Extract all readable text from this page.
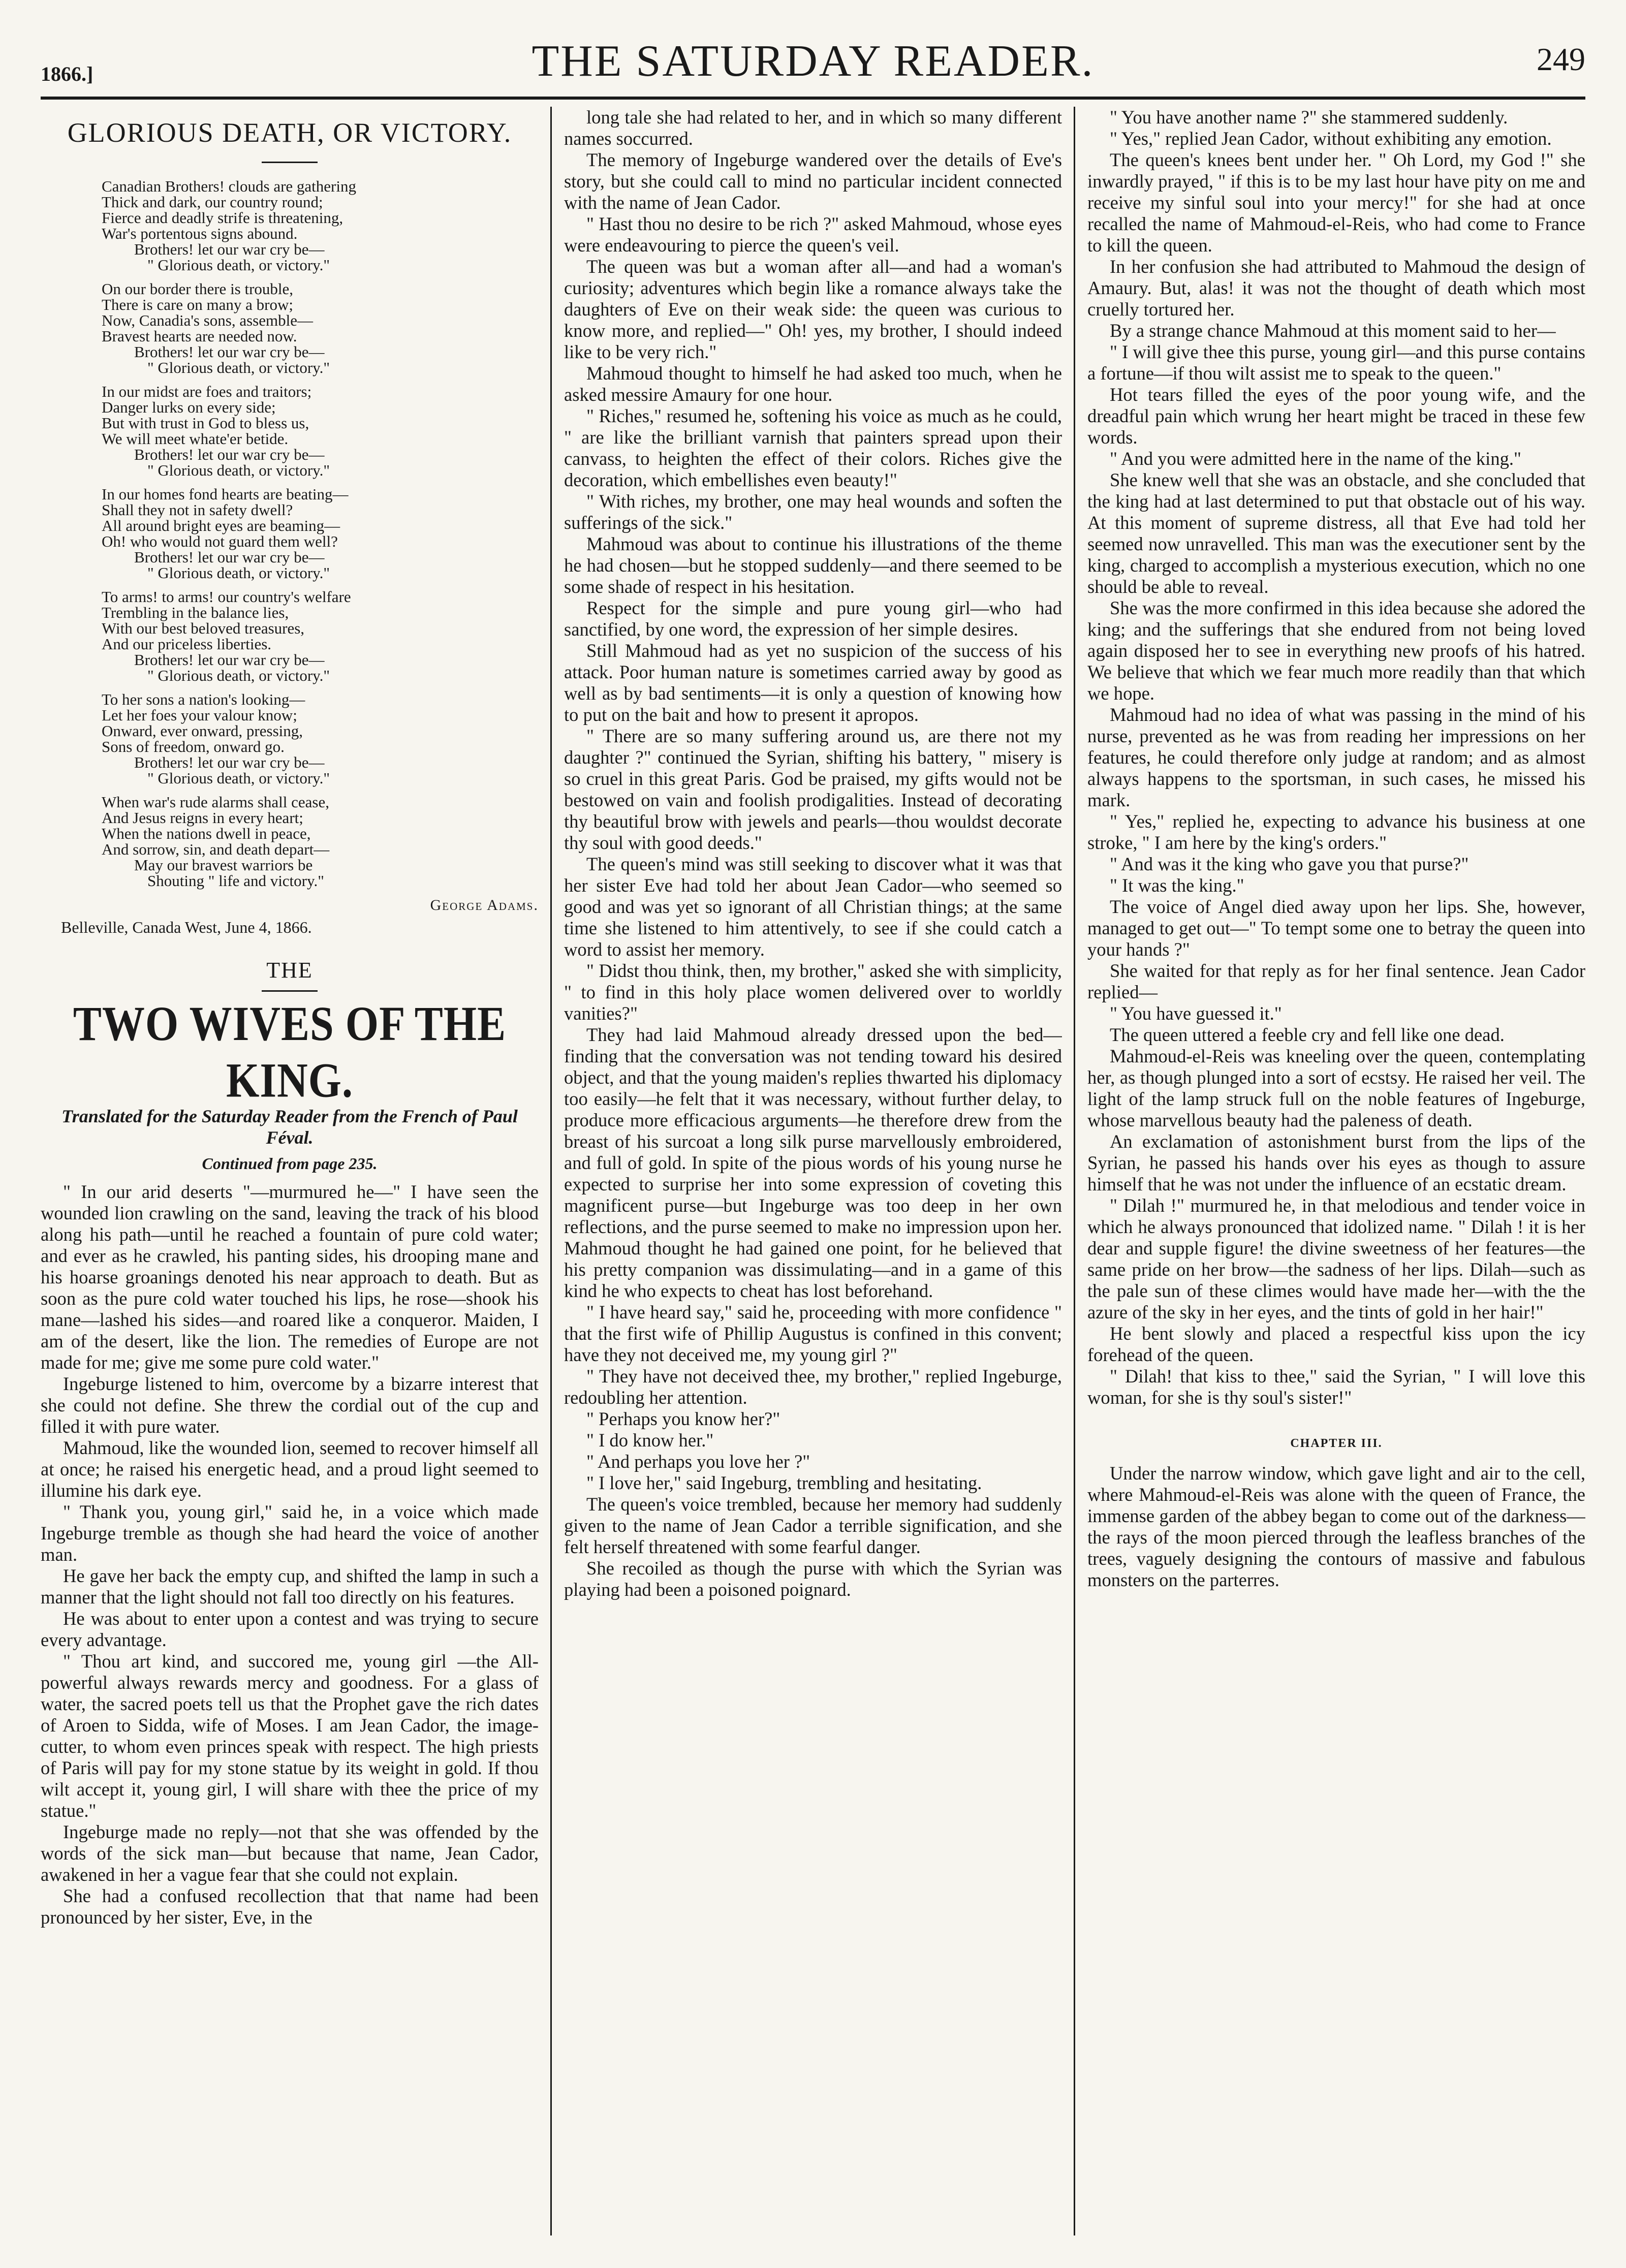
1866.]	THE SATURDAY READER.	249
GLORIOUS DEATH, OR VICTORY.
Canadian Brothers! clouds are gathering
Thick and dark, our country round;
Fierce and deadly strife is threatening,
War's portentous signs abound.
Brothers! let our war cry be—
" Glorious death, or victory."
On our border there is trouble,
There is care on many a brow;
Now, Canadia's sons, assemble—
Bravest hearts are needed now.
Brothers! let our war cry be—
" Glorious death, or victory."
In our midst are foes and traitors;
Danger lurks on every side;
But with trust in God to bless us,
We will meet whate'er betide.
Brothers! let our war cry be—
" Glorious death, or victory."
In our homes fond hearts are beating—
Shall they not in safety dwell?
All around bright eyes are beaming—
Oh! who would not guard them well?
Brothers! let our war cry be—
" Glorious death, or victory."
To arms! to arms! our country's welfare
Trembling in the balance lies,
With our best beloved treasures,
And our priceless liberties.
Brothers! let our war cry be—
" Glorious death, or victory."
To her sons a nation's looking—
Let her foes your valour know;
Onward, ever onward, pressing,
Sons of freedom, onward go.
Brothers! let our war cry be—
" Glorious death, or victory."
When war's rude alarms shall cease,
And Jesus reigns in every heart;
When the nations dwell in peace,
And sorrow, sin, and death depart—
May our bravest warriors be
Shouting " life and victory."
George Adams.
Belleville, Canada West, June 4, 1866.
THE
TWO WIVES OF THE KING.
Translated for the Saturday Reader from the French of Paul Féval.
Continued from page 235.

" In our arid deserts "—murmured he—" I have seen the wounded lion crawling on the sand, leaving the track of his blood along his path—until he reached a fountain of pure cold water; and ever as he crawled, his panting sides, his drooping mane and his hoarse groanings denoted his near approach to death. But as soon as the pure cold water touched his lips, he rose—shook his mane—lashed his sides—and roared like a conqueror. Maiden, I am of the desert, like the lion. The remedies of Europe are not made for me; give me some pure cold water."

Ingeburge listened to him, overcome by a bizarre interest that she could not define. She threw the cordial out of the cup and filled it with pure water.

Mahmoud, like the wounded lion, seemed to recover himself all at once; he raised his energetic head, and a proud light seemed to illumine his dark eye.

" Thank you, young girl," said he, in a voice which made Ingeburge tremble as though she had heard the voice of another man.

He gave her back the empty cup, and shifted the lamp in such a manner that the light should not fall too directly on his features.

He was about to enter upon a contest and was trying to secure every advantage.

" Thou art kind, and succored me, young girl —the All-powerful always rewards mercy and goodness. For a glass of water, the sacred poets tell us that the Prophet gave the rich dates of Aroen to Sidda, wife of Moses. I am Jean Cador, the image-cutter, to whom even princes speak with respect. The high priests of Paris will pay for my stone statue by its weight in gold. If thou wilt accept it, young girl, I will share with thee the price of my statue."

Ingeburge made no reply—not that she was offended by the words of the sick man—but because that name, Jean Cador, awakened in her a vague fear that she could not explain.

She had a confused recollection that that name had been pronounced by her sister, Eve, in the

long tale she had related to her, and in which so many different names soccurred.

The memory of Ingeburge wandered over the details of Eve's story, but she could call to mind no particular incident connected with the name of Jean Cador.

" Hast thou no desire to be rich ?" asked Mahmoud, whose eyes were endeavouring to pierce the queen's veil.

The queen was but a woman after all—and had a woman's curiosity; adventures which begin like a romance always take the daughters of Eve on their weak side: the queen was curious to know more, and replied—" Oh! yes, my brother, I should indeed like to be very rich."

Mahmoud thought to himself he had asked too much, when he asked messire Amaury for one hour.

" Riches," resumed he, softening his voice as much as he could, " are like the brilliant varnish that painters spread upon their canvass, to heighten the effect of their colors. Riches give the decoration, which embellishes even beauty!"

" With riches, my brother, one may heal wounds and soften the sufferings of the sick."

Mahmoud was about to continue his illustrations of the theme he had chosen—but he stopped suddenly—and there seemed to be some shade of respect in his hesitation.

Respect for the simple and pure young girl—who had sanctified, by one word, the expression of her simple desires.

Still Mahmoud had as yet no suspicion of the success of his attack. Poor human nature is sometimes carried away by good as well as by bad sentiments—it is only a question of knowing how to put on the bait and how to present it apropos.

" There are so many suffering around us, are there not my daughter ?" continued the Syrian, shifting his battery, " misery is so cruel in this great Paris. God be praised, my gifts would not be bestowed on vain and foolish prodigalities. Instead of decorating thy beautiful brow with jewels and pearls—thou wouldst decorate thy soul with good deeds."

The queen's mind was still seeking to discover what it was that her sister Eve had told her about Jean Cador—who seemed so good and was yet so ignorant of all Christian things; at the same time she listened to him attentively, to see if she could catch a word to assist her memory.

" Didst thou think, then, my brother," asked she with simplicity, " to find in this holy place women delivered over to worldly vanities?"

They had laid Mahmoud already dressed upon the bed—finding that the conversation was not tending toward his desired object, and that the young maiden's replies thwarted his diplomacy too easily—he felt that it was necessary, without further delay, to produce more efficacious arguments—he therefore drew from the breast of his surcoat a long silk purse marvellously embroidered, and full of gold. In spite of the pious words of his young nurse he expected to surprise her into some expression of coveting this magnificent purse—but Ingeburge was too deep in her own reflections, and the purse seemed to make no impression upon her. Mahmoud thought he had gained one point, for he believed that his pretty companion was dissimulating—and in a game of this kind he who expects to cheat has lost beforehand.

" I have heard say," said he, proceeding with more confidence " that the first wife of Phillip Augustus is confined in this convent; have they not deceived me, my young girl ?"

" They have not deceived thee, my brother," replied Ingeburge, redoubling her attention.

" Perhaps you know her?"

" I do know her."

" And perhaps you love her ?"

" I love her," said Ingeburg, trembling and hesitating.

The queen's voice trembled, because her memory had suddenly given to the name of Jean Cador a terrible signification, and she felt herself threatened with some fearful danger.

She recoiled as though the purse with which the Syrian was playing had been a poisoned poignard.

" You have another name ?" she stammered suddenly.

" Yes," replied Jean Cador, without exhibiting any emotion.

The queen's knees bent under her. " Oh Lord, my God !" she inwardly prayed, " if this is to be my last hour have pity on me and receive my sinful soul into your mercy!" for she had at once recalled the name of Mahmoud-el-Reis, who had come to France to kill the queen.

In her confusion she had attributed to Mahmoud the design of Amaury. But, alas! it was not the thought of death which most cruelly tortured her.

By a strange chance Mahmoud at this moment said to her—

" I will give thee this purse, young girl—and this purse contains a fortune—if thou wilt assist me to speak to the queen."

Hot tears filled the eyes of the poor young wife, and the dreadful pain which wrung her heart might be traced in these few words.

" And you were admitted here in the name of the king."

She knew well that she was an obstacle, and she concluded that the king had at last determined to put that obstacle out of his way. At this moment of supreme distress, all that Eve had told her seemed now unravelled. This man was the executioner sent by the king, charged to accomplish a mysterious execution, which no one should be able to reveal.

She was the more confirmed in this idea because she adored the king; and the sufferings that she endured from not being loved again disposed her to see in everything new proofs of his hatred. We believe that which we fear much more readily than that which we hope.

Mahmoud had no idea of what was passing in the mind of his nurse, prevented as he was from reading her impressions on her features, he could therefore only judge at random; and as almost always happens to the sportsman, in such cases, he missed his mark.

" Yes," replied he, expecting to advance his business at one stroke, " I am here by the king's orders."

" And was it the king who gave you that purse?"

" It was the king."

The voice of Angel died away upon her lips. She, however, managed to get out—" To tempt some one to betray the queen into your hands ?"

She waited for that reply as for her final sentence. Jean Cador replied—

" You have guessed it."

The queen uttered a feeble cry and fell like one dead.

Mahmoud-el-Reis was kneeling over the queen, contemplating her, as though plunged into a sort of ecstsy. He raised her veil. The light of the lamp struck full on the noble features of Ingeburge, whose marvellous beauty had the paleness of death.

An exclamation of astonishment burst from the lips of the Syrian, he passed his hands over his eyes as though to assure himself that he was not under the influence of an ecstatic dream.

" Dilah !" murmured he, in that melodious and tender voice in which he always pronounced that idolized name. " Dilah ! it is her dear and supple figure! the divine sweetness of her features—the same pride on her brow—the sadness of her lips. Dilah—such as the pale sun of these climes would have made her—with the the azure of the sky in her eyes, and the tints of gold in her hair!"

He bent slowly and placed a respectful kiss upon the icy forehead of the queen.

" Dilah! that kiss to thee," said the Syrian, " I will love this woman, for she is thy soul's sister!"

CHAPTER III.

Under the narrow window, which gave light and air to the cell, where Mahmoud-el-Reis was alone with the queen of France, the immense garden of the abbey began to come out of the darkness—the rays of the moon pierced through the leafless branches of the trees, vaguely designing the contours of massive and fabulous monsters on the parterres.
